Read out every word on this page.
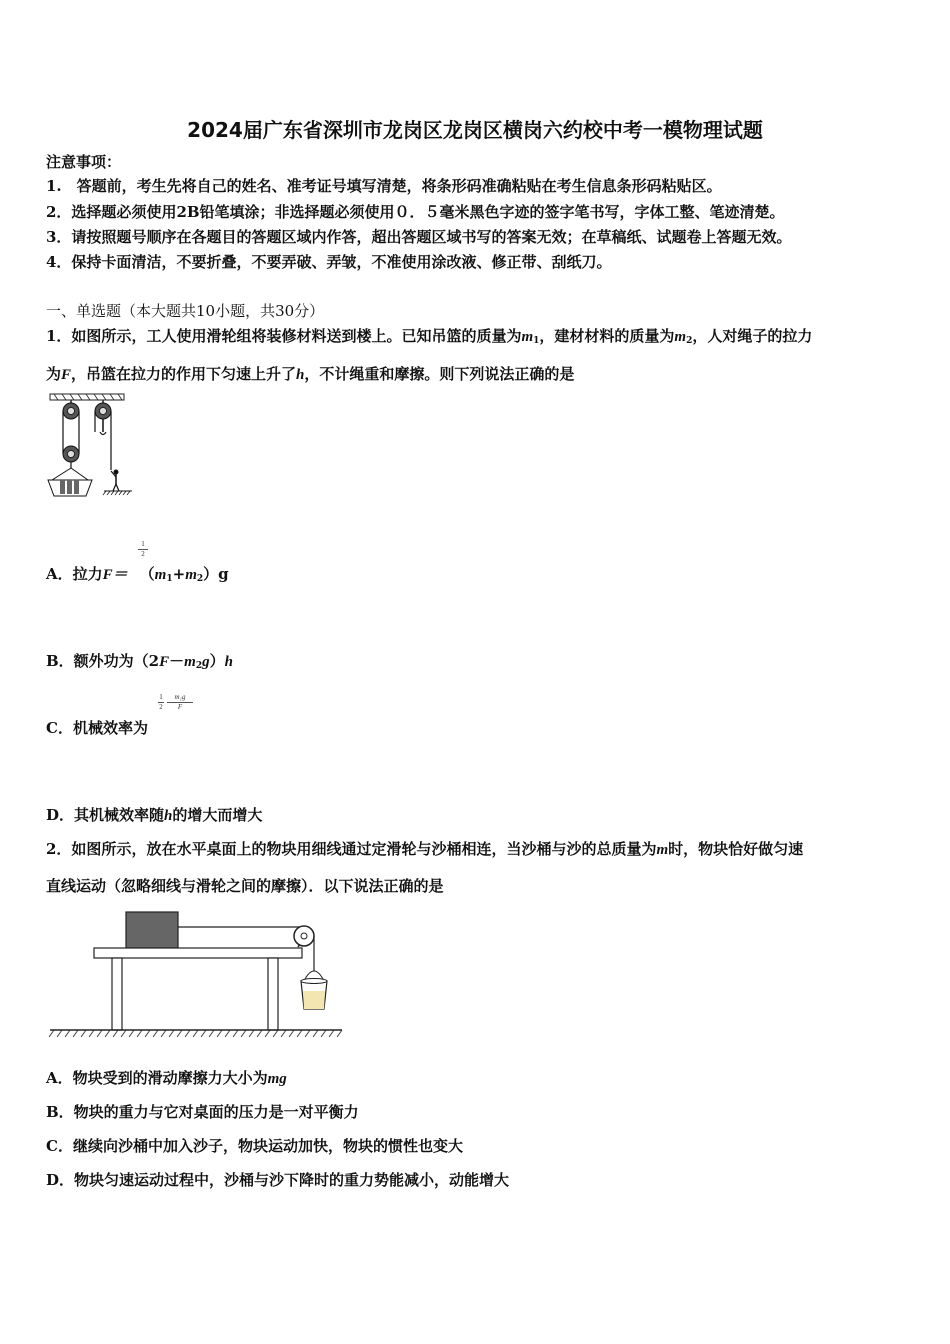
2024届广东省深圳市龙岗区龙岗区横岗六约校中考一模物理试题
注意事项：
1.　答题前，考生先将自己的姓名、准考证号填写清楚，将条形码准确粘贴在考生信息条形码粘贴区。
2．选择题必须使用2B铅笔填涂；非选择题必须使用０．５毫米黑色字迹的签字笔书写，字体工整、笔迹清楚。
3．请按照题号顺序在各题目的答题区域内作答，超出答题区域书写的答案无效；在草稿纸、试题卷上答题无效。
4．保持卡面清洁，不要折叠，不要弄破、弄皱，不准使用涂改液、修正带、刮纸刀。
一、单选题（本大题共10小题，共30分）
1．如图所示，工人使用滑轮组将装修材料送到楼上。已知吊篮的质量为$m_1$，建材材料的质量为$m_2$，人对绳子的拉力
为F，吊篮在拉力的作用下匀速上升了h，不计绳重和摩擦。则下列说法正确的是
A．拉力$F= (m_1+m_2)g$
$\frac{1}{2}$
B．额外功为$(2F-m_2g)h$
C．机械效率为
1
2
m₁g
F
D．其机械效率随h的增大而增大
2．如图所示，放在水平桌面上的物块用细线通过定滑轮与沙桶相连，当沙桶与沙的总质量为m时，物块恰好做匀速
直线运动（忽略细线与滑轮之间的摩擦）．以下说法正确的是
A．物块受到的滑动摩擦力大小为mg
B．物块的重力与它对桌面的压力是一对平衡力
C．继续向沙桶中加入沙子，物块运动加快，物块的惯性也变大
D．物块匀速运动过程中，沙桶与沙下降时的重力势能减小，动能增大
